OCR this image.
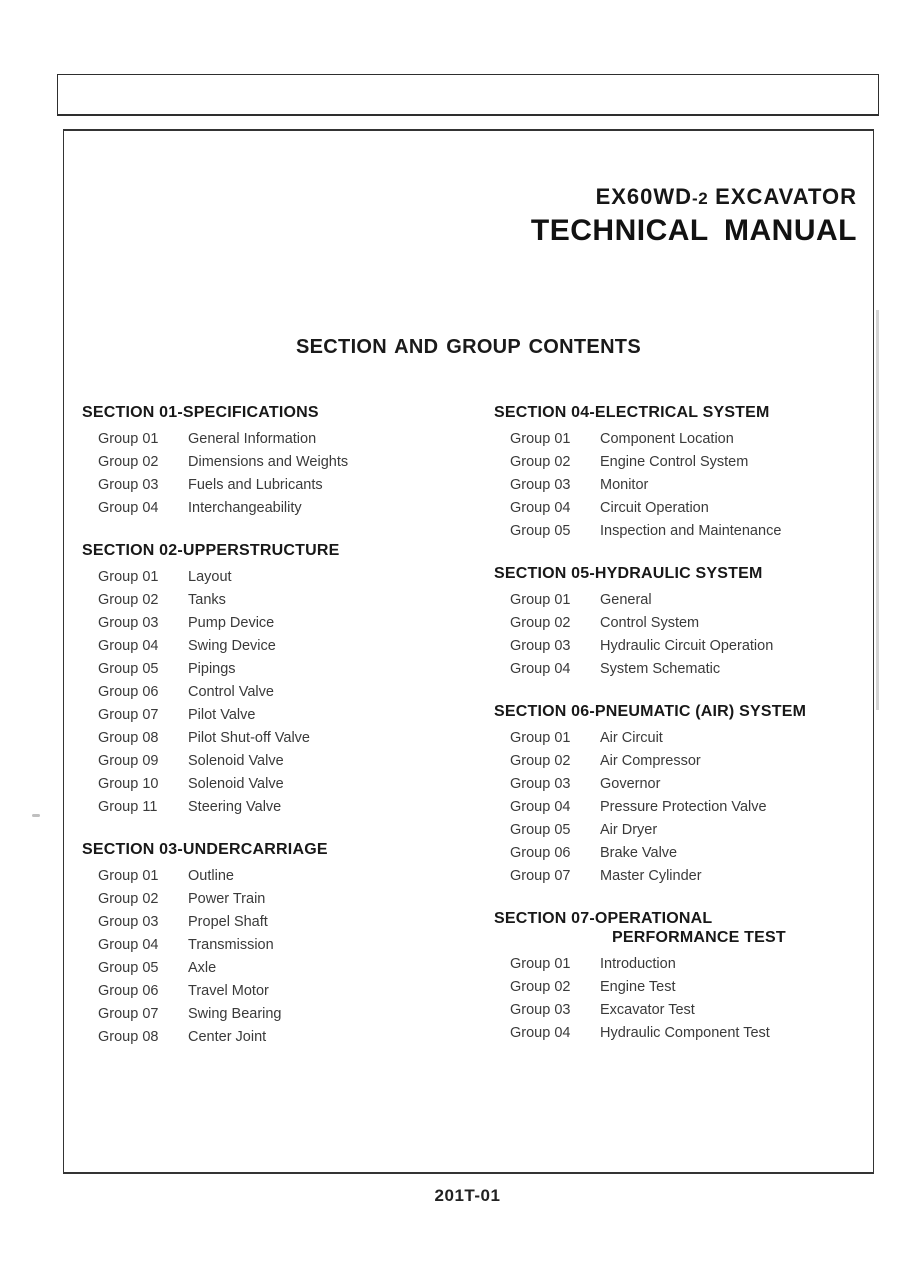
EX60WD-2 EXCAVATOR
TECHNICAL MANUAL
SECTION AND GROUP CONTENTS
SECTION 01-SPECIFICATIONS
Group 01	General Information
Group 02	Dimensions and Weights
Group 03	Fuels and Lubricants
Group 04	Interchangeability
SECTION 02-UPPERSTRUCTURE
Group 01	Layout
Group 02	Tanks
Group 03	Pump Device
Group 04	Swing Device
Group 05	Pipings
Group 06	Control Valve
Group 07	Pilot Valve
Group 08	Pilot Shut-off Valve
Group 09	Solenoid Valve
Group 10	Solenoid Valve
Group 11	Steering Valve
SECTION 03-UNDERCARRIAGE
Group 01	Outline
Group 02	Power Train
Group 03	Propel Shaft
Group 04	Transmission
Group 05	Axle
Group 06	Travel Motor
Group 07	Swing Bearing
Group 08	Center Joint
SECTION 04-ELECTRICAL SYSTEM
Group 01	Component Location
Group 02	Engine Control System
Group 03	Monitor
Group 04	Circuit Operation
Group 05	Inspection and Maintenance
SECTION 05-HYDRAULIC SYSTEM
Group 01	General
Group 02	Control System
Group 03	Hydraulic Circuit Operation
Group 04	System Schematic
SECTION 06-PNEUMATIC (AIR) SYSTEM
Group 01	Air Circuit
Group 02	Air Compressor
Group 03	Governor
Group 04	Pressure Protection Valve
Group 05	Air Dryer
Group 06	Brake Valve
Group 07	Master Cylinder
SECTION 07-OPERATIONAL
PERFORMANCE TEST
Group 01	Introduction
Group 02	Engine Test
Group 03	Excavator Test
Group 04	Hydraulic Component Test
201T-01
